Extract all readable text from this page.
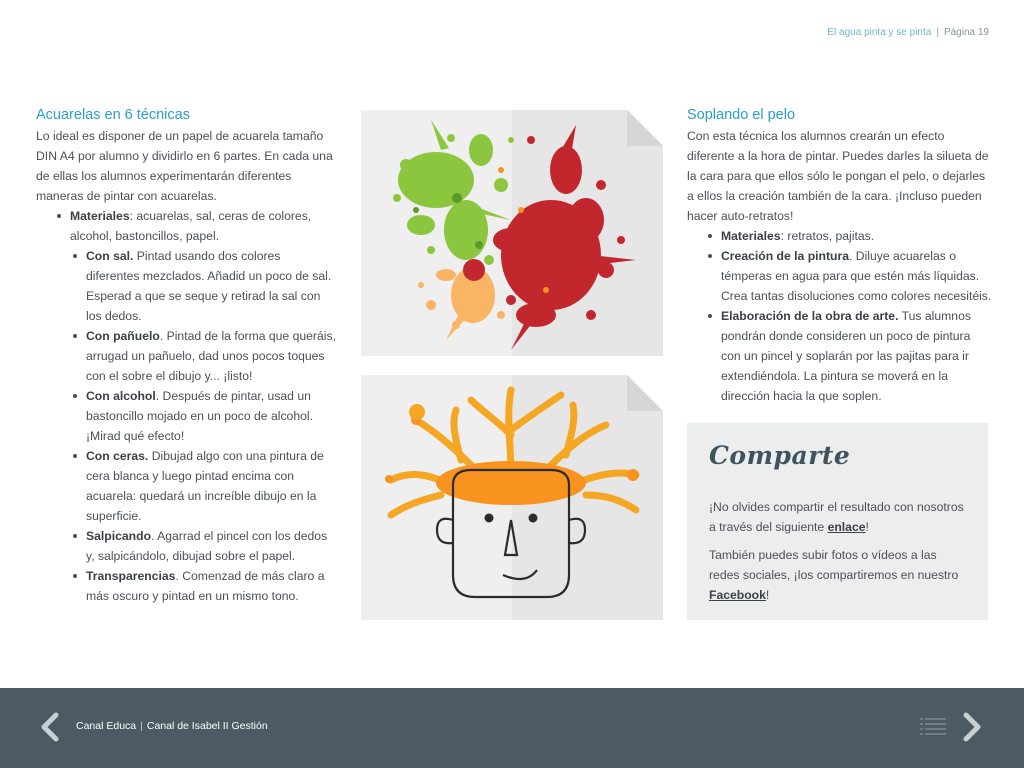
El agua pinta y se pinta | Página 19
Acuarelas en 6 técnicas

Lo ideal es disponer de un papel de acuarela tamaño DIN A4 por alumno y dividirlo en 6 partes. En cada una de ellas los alumnos experimentarán diferentes maneras de pintar con acuarelas.

Materiales: acuarelas, sal, ceras de colores, alcohol, bastoncillos, papel.
Con sal. Pintad usando dos colores diferentes mezclados. Añadid un poco de sal. Esperad a que se seque y retirad la sal con los dedos.
Con pañuelo. Pintad de la forma que queráis, arrugad un pañuelo, dad unos pocos toques con el sobre el dibujo y... ¡listo!
Con alcohol. Después de pintar, usad un bastoncillo mojado en un poco de alcohol. ¡Mirad qué efecto!
Con ceras. Dibujad algo con una pintura de cera blanca y luego pintad encima con acuarela: quedará un increíble dibujo en la superficie.
Salpicando. Agarrad el pincel con los dedos y, salpicándolo, dibujad sobre el papel.
Transparencias. Comenzad de más claro a más oscuro y pintad en un mismo tono.
Soplando el pelo

Con esta técnica los alumnos crearán un efecto diferente a la hora de pintar. Puedes darles la silueta de la cara para que ellos sólo le pongan el pelo, o dejarles a ellos la creación también de la cara. ¡Incluso pueden hacer auto-retratos!

Materiales: retratos, pajitas.
Creación de la pintura. Diluye acuarelas o témperas en agua para que estén más líquidas. Crea tantas disoluciones como colores necesitéis.
Elaboración de la obra de arte. Tus alumnos pondrán donde consideren un poco de pintura con un pincel y soplarán por las pajitas para ir extendiéndola. La pintura se moverá en la dirección hacia la que soplen.
Comparte

¡No olvides compartir el resultado con nosotros a través del siguiente enlace!

También puedes subir fotos o vídeos a las redes sociales, ¡los compartiremos en nuestro Facebook!

Canal Educa | Canal de Isabel II Gestión
